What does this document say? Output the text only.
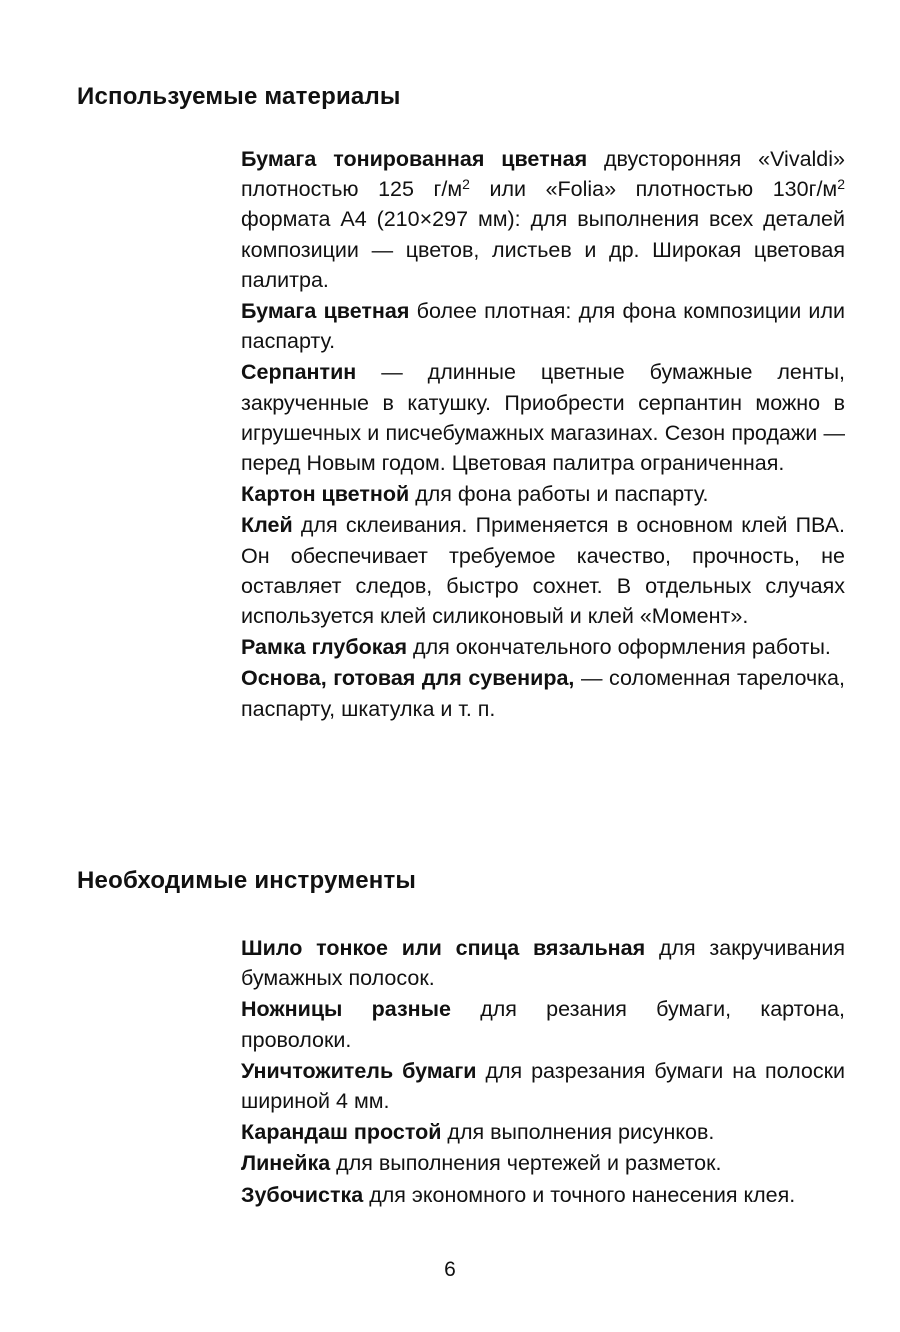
Используемые материалы
Бумага тонированная цветная двусторонняя «Vivaldi» плотностью 125 $г/м^2$ или «Folia» плотностью $130г/м^2$ формата А4 (210×297 мм): для выполнения всех деталей композиции — цветов, листьев и др. Широкая цветовая палитра.
Бумага цветная более плотная: для фона композиции или паспарту.
Серпантин — длинные цветные бумажные ленты, закрученные в катушку. Приобрести серпантин можно в игрушечных и писчебумажных магазинах. Сезон продажи — перед Новым годом. Цветовая палитра ограниченная.
Картон цветной для фона работы и паспарту.
Клей для склеивания. Применяется в основном клей ПВА. Он обеспечивает требуемое качество, прочность, не оставляет следов, быстро сохнет. В отдельных случаях используется клей силиконовый и клей «Момент».
Рамка глубокая для окончательного оформления работы.
Основа, готовая для сувенира, — соломенная тарелочка, паспарту, шкатулка и т. п.
Необходимые инструменты
Шило тонкое или спица вязальная для закручивания бумажных полосок.
Ножницы разные для резания бумаги, картона, проволоки.
Уничтожитель бумаги для разрезания бумаги на полоски шириной 4 мм.
Карандаш простой для выполнения рисунков.
Линейка для выполнения чертежей и разметок.
Зубочистка для экономного и точного нанесения клея.
6
